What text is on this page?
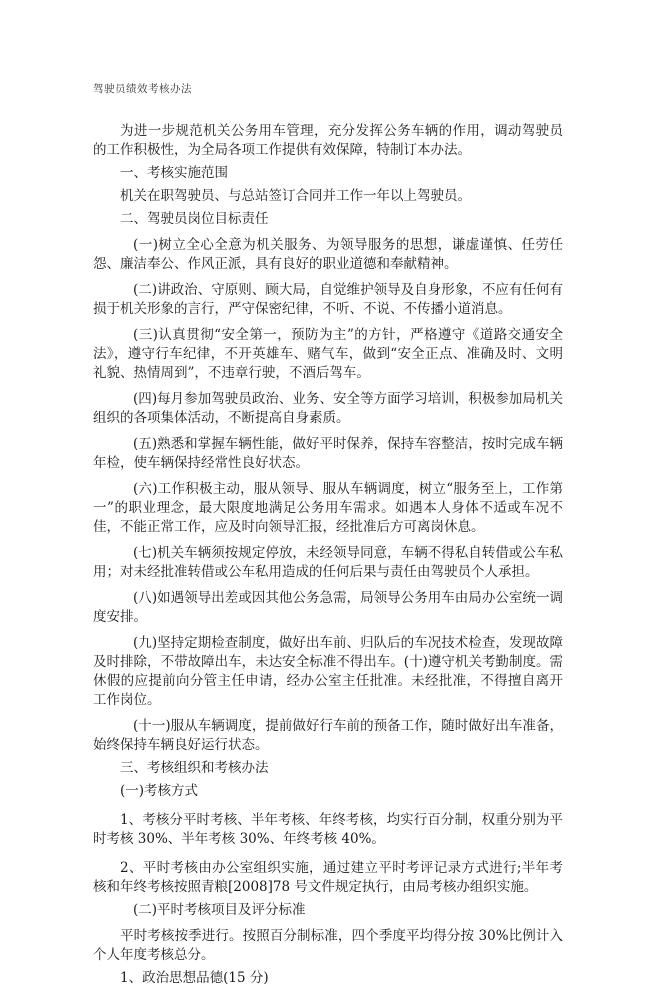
驾驶员绩效考核办法

为进一步规范机关公务用车管理，充分发挥公务车辆的作用，调动驾驶员的工作积极性，为全局各项工作提供有效保障，特制订本办法。

一、考核实施范围

机关在职驾驶员、与总站签订合同并工作一年以上驾驶员。

二、驾驶员岗位目标责任

(一)树立全心全意为机关服务、为领导服务的思想，谦虚谨慎、任劳任怨、廉洁奉公、作风正派，具有良好的职业道德和奉献精神。

(二)讲政治、守原则、顾大局，自觉维护领导及自身形象，不应有任何有损于机关形象的言行，严守保密纪律，不听、不说、不传播小道消息。

(三)认真贯彻“安全第一，预防为主”的方针，严格遵守《道路交通安全法》，遵守行车纪律，不开英雄车、赌气车，做到“安全正点、准确及时、文明礼貌、热情周到”，不违章行驶，不酒后驾车。

(四)每月参加驾驶员政治、业务、安全等方面学习培训，积极参加局机关组织的各项集体活动，不断提高自身素质。

(五)熟悉和掌握车辆性能，做好平时保养，保持车容整洁，按时完成车辆年检，使车辆保持经常性良好状态。

(六)工作积极主动，服从领导、服从车辆调度，树立“服务至上，工作第一”的职业理念，最大限度地满足公务用车需求。如遇本人身体不适或车况不佳，不能正常工作，应及时向领导汇报，经批准后方可离岗休息。

(七)机关车辆须按规定停放，未经领导同意，车辆不得私自转借或公车私用；对未经批准转借或公车私用造成的任何后果与责任由驾驶员个人承担。

(八)如遇领导出差或因其他公务急需，局领导公务用车由局办公室统一调度安排。

(九)坚持定期检查制度，做好出车前、归队后的车况技术检查，发现故障及时排除，不带故障出车，未达安全标准不得出车。(十)遵守机关考勤制度。需休假的应提前向分管主任申请，经办公室主任批准。未经批准，不得擅自离开工作岗位。

(十一)服从车辆调度，提前做好行车前的预备工作，随时做好出车准备，始终保持车辆良好运行状态。

三、考核组织和考核办法

(一)考核方式

1、考核分平时考核、半年考核、年终考核，均实行百分制，权重分别为平时考核 30%、半年考核 30%、年终考核 40%。

2、平时考核由办公室组织实施，通过建立平时考评记录方式进行;半年考核和年终考核按照青粮[2008]78 号文件规定执行，由局考核办组织实施。

(二)平时考核项目及评分标准

平时考核按季进行。按照百分制标准，四个季度平均得分按 30%比例计入个人年度考核总分。

1、政治思想品德(15 分)
